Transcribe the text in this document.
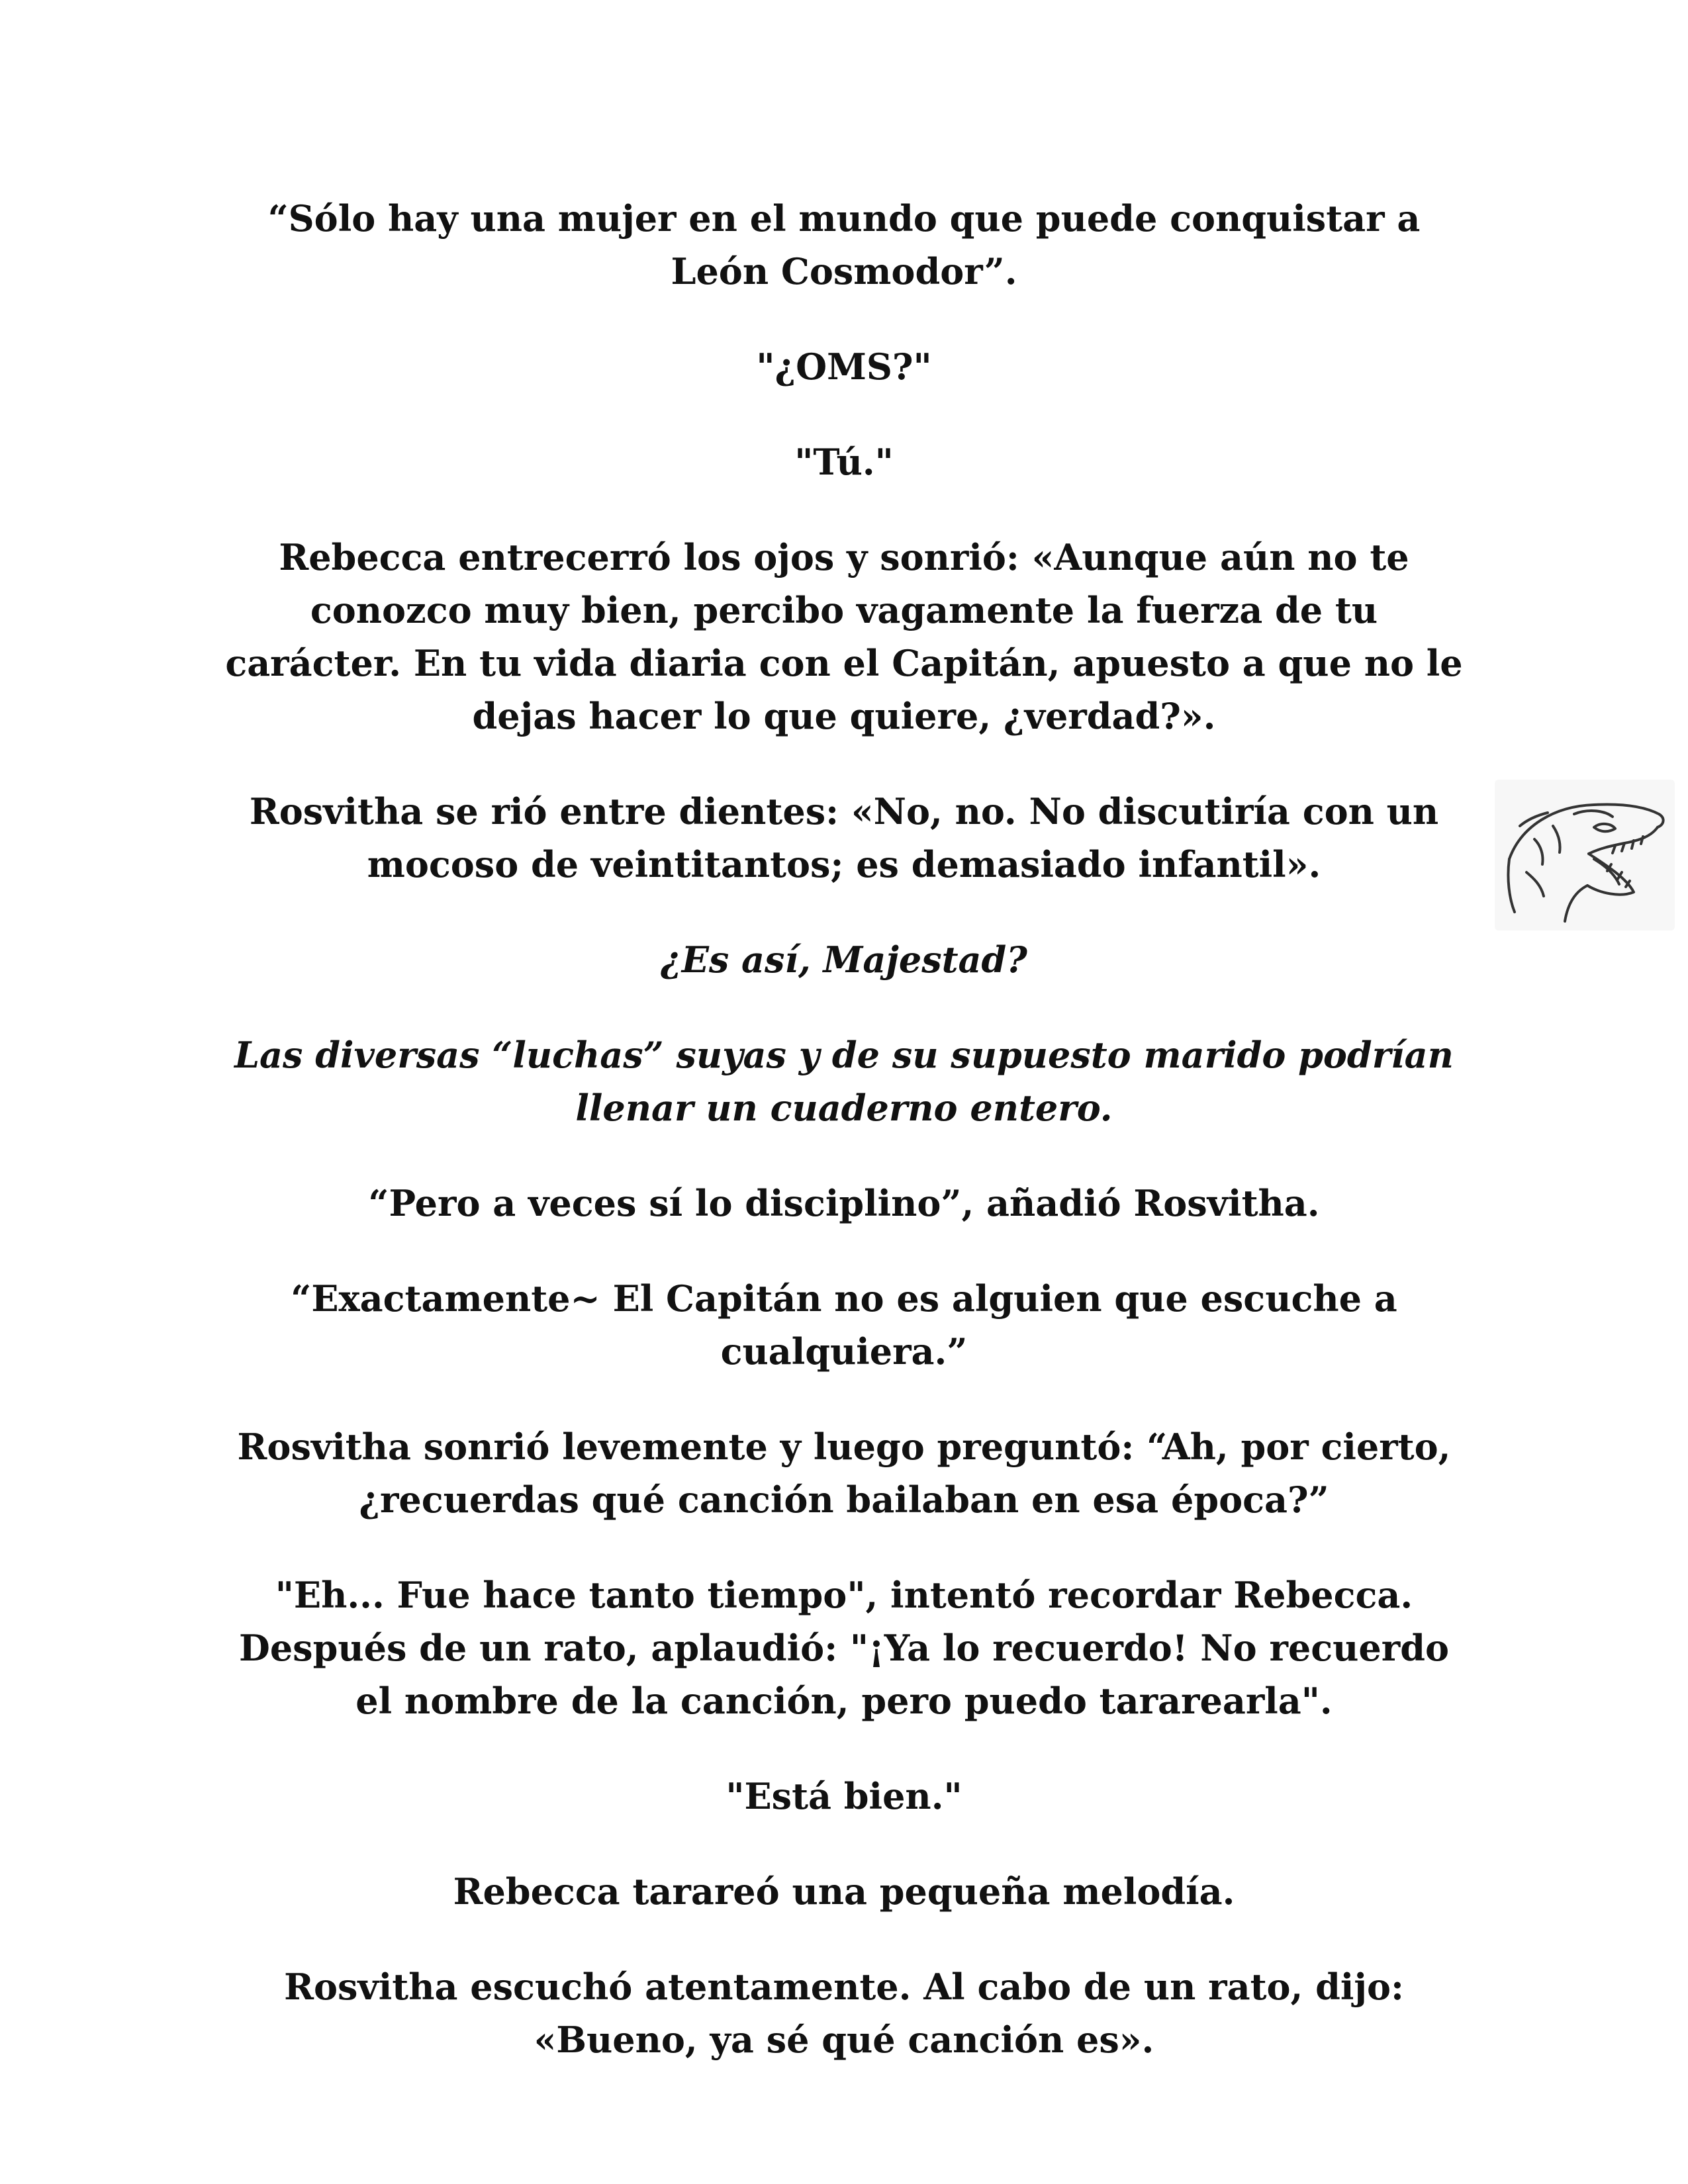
“Sólo hay una mujer en el mundo que puede conquistar a León Cosmodor”.

"¿OMS?"

"Tú."

Rebecca entrecerró los ojos y sonrió: «Aunque aún no te conozco muy bien, percibo vagamente la fuerza de tu carácter. En tu vida diaria con el Capitán, apuesto a que no le dejas hacer lo que quiere, ¿verdad?».

Rosvitha se rió entre dientes: «No, no. No discutiría con un mocoso de veintitantos; es demasiado infantil».

¿Es así, Majestad?

Las diversas “luchas” suyas y de su supuesto marido podrían llenar un cuaderno entero.

“Pero a veces sí lo disciplino”, añadió Rosvitha.

“Exactamente~ El Capitán no es alguien que escuche a cualquiera.”

Rosvitha sonrió levemente y luego preguntó: “Ah, por cierto, ¿recuerdas qué canción bailaban en esa época?”

"Eh... Fue hace tanto tiempo", intentó recordar Rebecca. Después de un rato, aplaudió: "¡Ya lo recuerdo! No recuerdo el nombre de la canción, pero puedo tararearla".

"Está bien."

Rebecca tarareó una pequeña melodía.

Rosvitha escuchó atentamente. Al cabo de un rato, dijo: «Bueno, ya sé qué canción es».
